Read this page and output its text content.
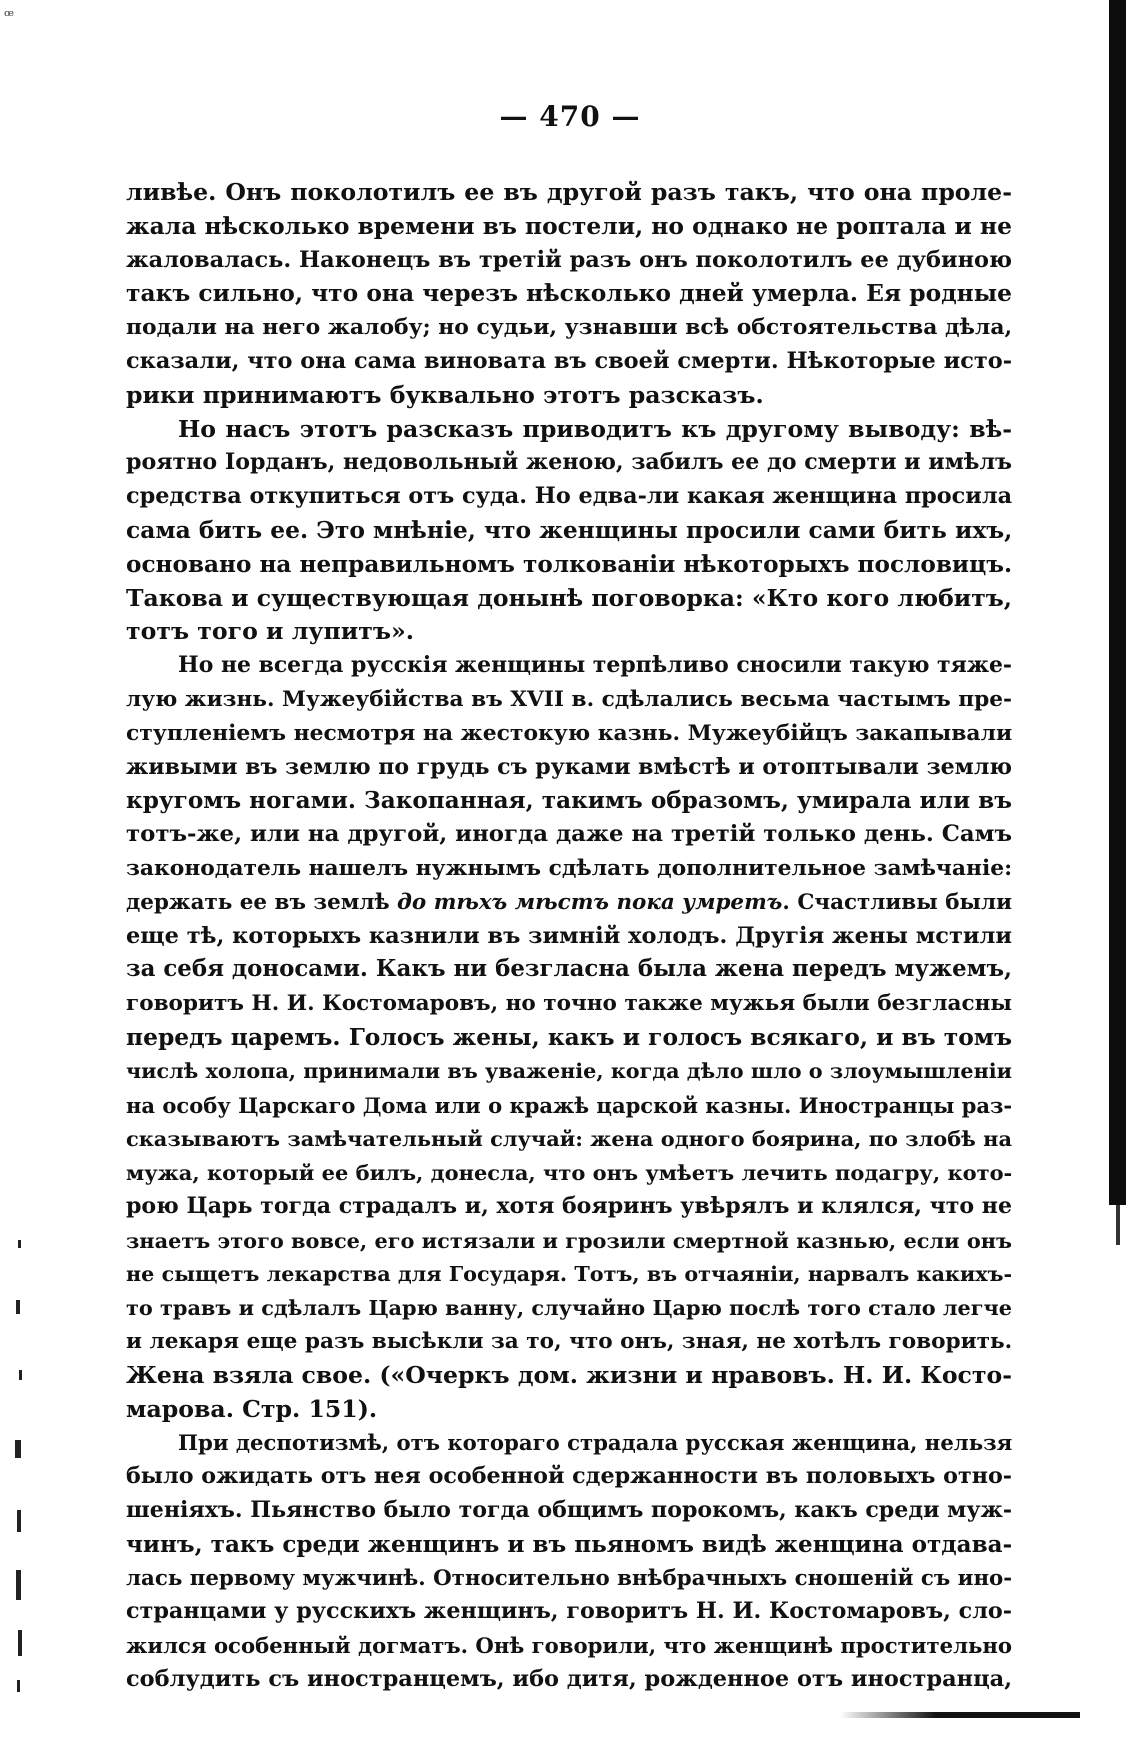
ꟹ
— 470 —
ливѣе. Онъ поколотилъ ее въ другой разъ такъ, что она проле-
жала нѣсколько времени въ постели, но однако не роптала и не
жаловалась. Наконецъ въ третій разъ онъ поколотилъ ее дубиною
такъ сильно, что она черезъ нѣсколько дней умерла. Ея родные
подали на него жалобу; но судьи, узнавши всѣ обстоятельства дѣла,
сказали, что она сама виновата въ своей смерти. Нѣкоторые исто-
рики принимаютъ буквально этотъ разсказъ.
Но насъ этотъ разсказъ приводитъ къ другому выводу: вѣ-
роятно Іорданъ, недовольный женою, забилъ ее до смерти и имѣлъ
средства откупиться отъ суда. Но едва-ли какая женщина просила
сама бить ее. Это мнѣніе, что женщины просили сами бить ихъ,
основано на неправильномъ толкованіи нѣкоторыхъ пословицъ.
Такова и существующая донынѣ поговорка: «Кто кого любитъ,
тотъ того и лупитъ».
Но не всегда русскія женщины терпѣливо сносили такую тяже-
лую жизнь. Мужеубійства въ XVII в. сдѣлались весьма частымъ пре-
ступленіемъ несмотря на жестокую казнь. Мужеубійцъ закапывали
живыми въ землю по грудь съ руками вмѣстѣ и отоптывали землю
кругомъ ногами. Закопанная, такимъ образомъ, умирала или въ
тотъ-же, или на другой, иногда даже на третій только день. Самъ
законодатель нашелъ нужнымъ сдѣлать дополнительное замѣчаніе:
держать ее въ землѣ до тѣхъ мѣстъ пока умретъ. Счастливы были
еще тѣ, которыхъ казнили въ зимній холодъ. Другія жены мстили
за себя доносами. Какъ ни безгласна была жена передъ мужемъ,
говоритъ Н. И. Костомаровъ, но точно также мужья были безгласны
передъ царемъ. Голосъ жены, какъ и голосъ всякаго, и въ томъ
числѣ холопа, принимали въ уваженіе, когда дѣло шло о злоумышленіи
на особу Царскаго Дома или о кражѣ царской казны. Иностранцы раз-
сказываютъ замѣчательный случай: жена одного боярина, по злобѣ на
мужа, который ее билъ, донесла, что онъ умѣетъ лечить подагру, кото-
рою Царь тогда страдалъ и, хотя бояринъ увѣрялъ и клялся, что не
знаетъ этого вовсе, его истязали и грозили смертной казнью, если онъ
не сыщетъ лекарства для Государя. Тотъ, въ отчаяніи, нарвалъ какихъ-
то травъ и сдѣлалъ Царю ванну, случайно Царю послѣ того стало легче
и лекаря еще разъ высѣкли за то, что онъ, зная, не хотѣлъ говорить.
Жена взяла свое. («Очеркъ дом. жизни и нравовъ. Н. И. Косто-
марова. Стр. 151).
При деспотизмѣ, отъ котораго страдала русская женщина, нельзя
было ожидать отъ нея особенной сдержанности въ половыхъ отно-
шеніяхъ. Пьянство было тогда общимъ порокомъ, какъ среди муж-
чинъ, такъ среди женщинъ и въ пьяномъ видѣ женщина отдава-
лась первому мужчинѣ. Относительно внѣбрачныхъ сношеній съ ино-
странцами у русскихъ женщинъ, говоритъ Н. И. Костомаровъ, сло-
жился особенный догматъ. Онѣ говорили, что женщинѣ простительно
соблудить съ иностранцемъ, ибо дитя, рожденное отъ иностранца,
